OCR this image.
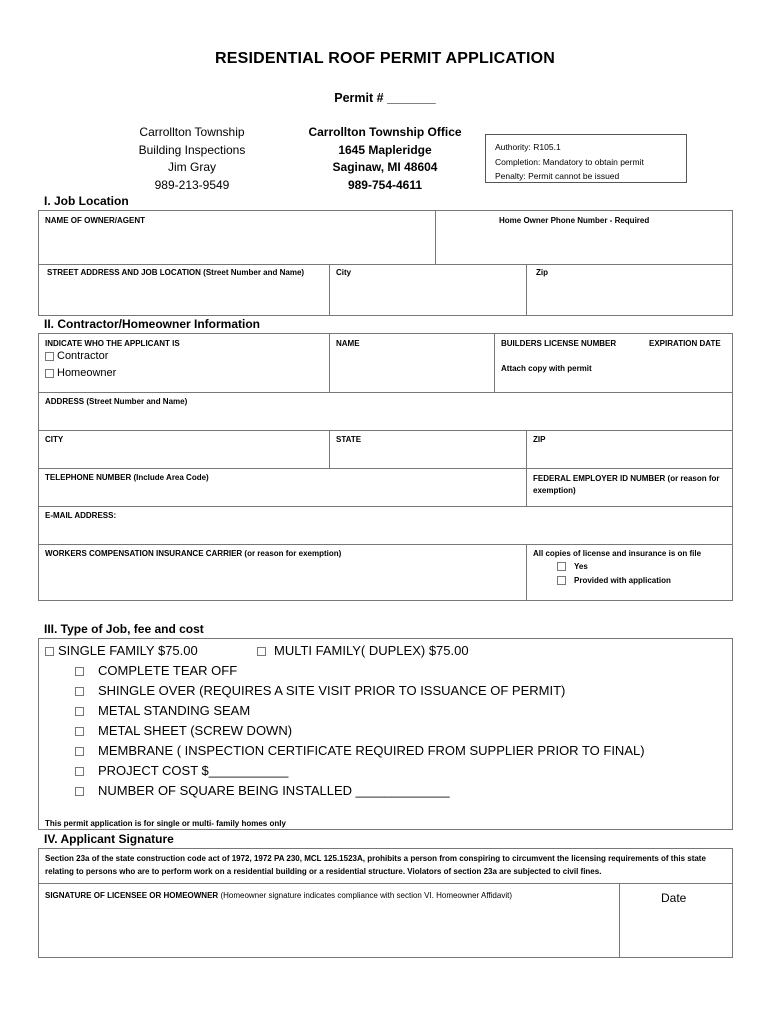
RESIDENTIAL ROOF PERMIT APPLICATION
Permit # _______
Carrollton Township
Building Inspections
Jim Gray
989-213-9549
Carrollton Township Office
1645 Mapleridge
Saginaw, MI 48604
989-754-4611
Authority: R105.1
Completion: Mandatory to obtain permit
Penalty: Permit cannot be issued
I. Job Location
NAME OF OWNER/AGENT	Home Owner Phone Number - Required
STREET ADDRESS AND JOB LOCATION (Street Number and Name)	City	Zip
II. Contractor/Homeowner Information
INDICATE WHO THE APPLICANT IS
Contractor
Homeowner
NAME	BUILDERS LICENSE NUMBER	EXPIRATION DATE
Attach copy with permit
ADDRESS (Street Number and Name)
CITY	STATE	ZIP
TELEPHONE NUMBER (Include Area Code)	FEDERAL EMPLOYER ID NUMBER (or reason for exemption)
E-MAIL ADDRESS:
WORKERS COMPENSATION INSURANCE CARRIER (or reason for exemption)	All copies of license and insurance is on file
Yes
Provided with application
III. Type of Job, fee and cost
SINGLE FAMILY $75.00	MULTI FAMILY( DUPLEX) $75.00
COMPLETE TEAR OFF
SHINGLE OVER (REQUIRES A SITE VISIT PRIOR TO ISSUANCE OF PERMIT)
METAL STANDING SEAM
METAL SHEET (SCREW DOWN)
MEMBRANE ( INSPECTION CERTIFICATE REQUIRED FROM SUPPLIER PRIOR TO FINAL)
PROJECT COST $___________
NUMBER OF SQUARE BEING INSTALLED _____________
This permit application is for single or multi- family homes only
IV. Applicant Signature
Section 23a of the state construction code act of 1972, 1972 PA 230, MCL 125.1523A, prohibits a person from conspiring to circumvent the licensing requirements of this state relating to persons who are to perform work on a residential building or a residential structure. Violators of section 23a are subjected to civil fines.
SIGNATURE OF LICENSEE OR HOMEOWNER (Homeowner signature indicates compliance with section VI. Homeowner Affidavit)	Date
